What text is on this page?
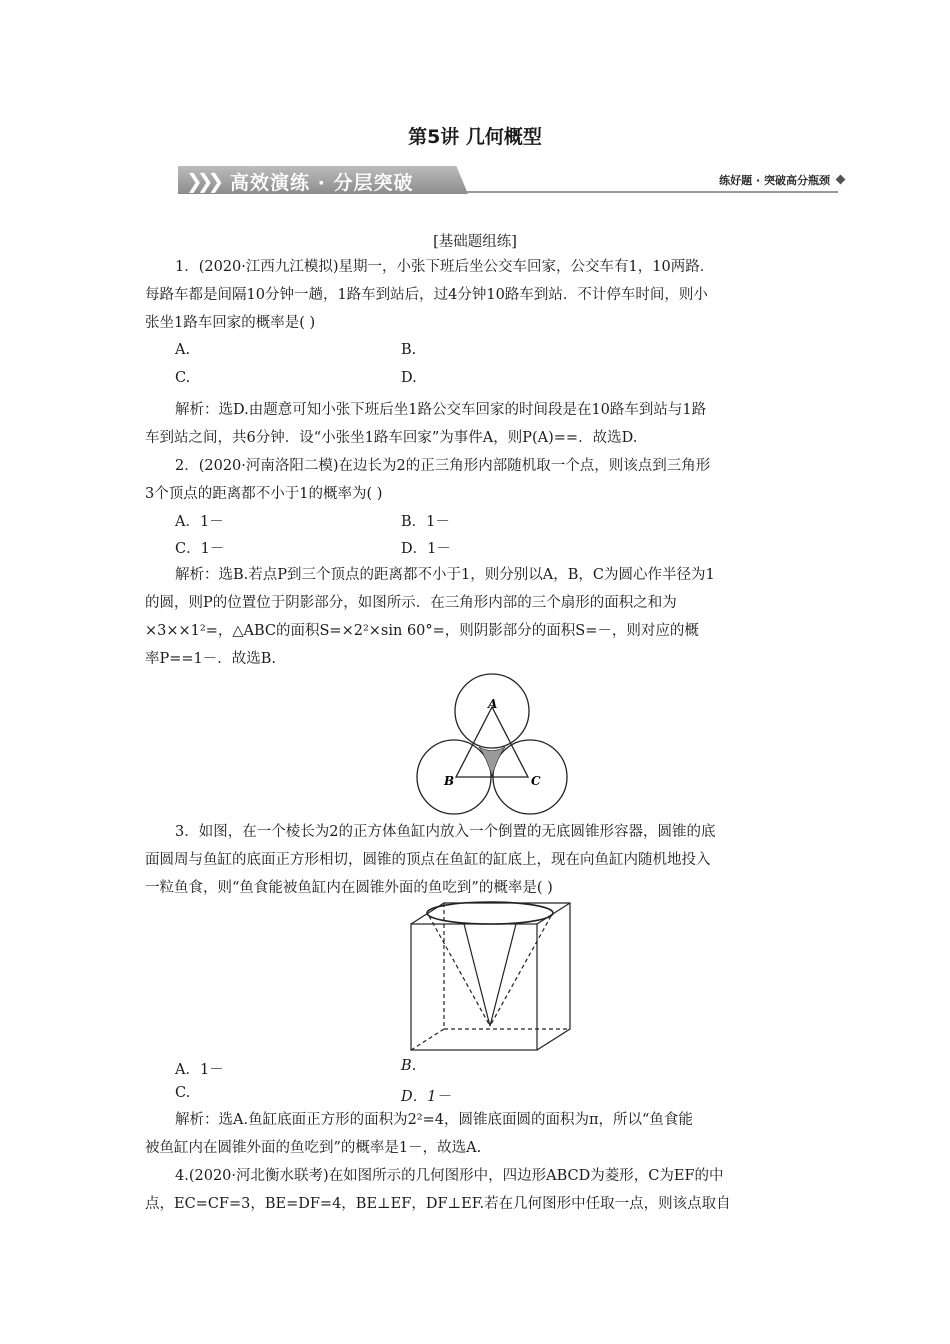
第5讲 几何概型
❯❯❯ 高效演练 · 分层突破	练好题 · 突破高分瓶颈
[基础题组练]
1．(2020·江西九江模拟)星期一，小张下班后坐公交车回家，公交车有1，10两路．
每路车都是间隔10分钟一趟，1路车到站后，过4分钟10路车到站．不计停车时间，则小
张坐1路车回家的概率是( )
A.	B.
C.	D.
解析：选D.由题意可知小张下班后坐1路公交车回家的时间段是在10路车到站与1路
车到站之间，共6分钟．设“小张坐1路车回家”为事件A，则P(A)==．故选D.
2．(2020·河南洛阳二模)在边长为2的正三角形内部随机取一个点，则该点到三角形
3个顶点的距离都不小于1的概率为( )
A．1－	B．1－
C．1－	D．1－
解析：选B.若点P到三个顶点的距离都不小于1，则分别以A，B，C为圆心作半径为1
的圆，则P的位置位于阴影部分，如图所示．在三角形内部的三个扇形的面积之和为
×3××1²=，△ABC的面积S=×2²×sin 60°=，则阴影部分的面积S=－，则对应的概
率P==1－．故选B.
A
B	C
3．如图，在一个棱长为2的正方体鱼缸内放入一个倒置的无底圆锥形容器，圆锥的底
面圆周与鱼缸的底面正方形相切，圆锥的顶点在鱼缸的缸底上，现在向鱼缸内随机地投入
一粒鱼食，则“鱼食能被鱼缸内在圆锥外面的鱼吃到”的概率是( )
A．1－	B.
C.	D．1－
解析：选A.鱼缸底面正方形的面积为2²=4，圆锥底面圆的面积为π，所以“鱼食能
被鱼缸内在圆锥外面的鱼吃到”的概率是1－，故选A.
4.(2020·河北衡水联考)在如图所示的几何图形中，四边形ABCD为菱形，C为EF的中
点，EC=CF=3，BE=DF=4，BE⊥EF，DF⊥EF.若在几何图形中任取一点，则该点取自
